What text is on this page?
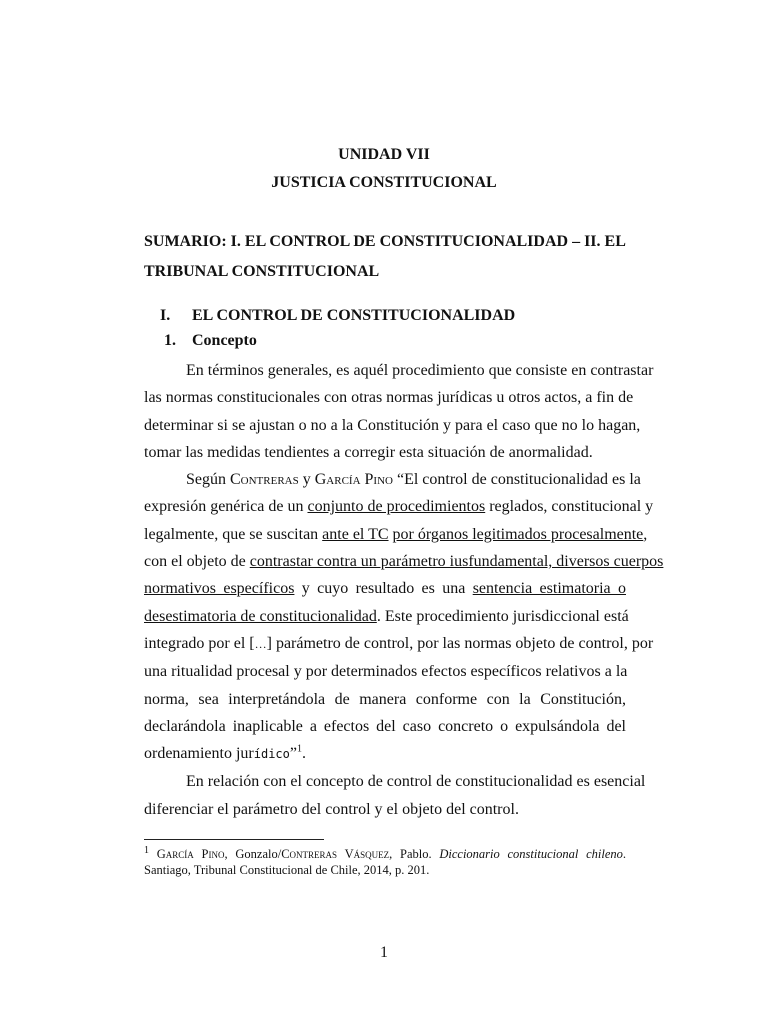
UNIDAD VII
JUSTICIA CONSTITUCIONAL
SUMARIO: I. EL CONTROL DE CONSTITUCIONALIDAD – II. EL
TRIBUNAL CONSTITUCIONAL
I. EL CONTROL DE CONSTITUCIONALIDAD
1. Concepto

En términos generales, es aquél procedimiento que consiste en contrastar
las normas constitucionales con otras normas jurídicas u otros actos, a fin de
determinar si se ajustan o no a la Constitución y para el caso que no lo hagan,
tomar las medidas tendientes a corregir esta situación de anormalidad.

Según Contreras y García Pino “El control de constitucionalidad es la
expresión genérica de un conjunto de procedimientos reglados, constitucional y
legalmente, que se suscitan ante el TC por órganos legitimados procesalmente,
con el objeto de contrastar contra un parámetro iusfundamental, diversos cuerpos
normativos específicos y cuyo resultado es una sentencia estimatoria o
desestimatoria de constitucionalidad. Este procedimiento jurisdiccional está
integrado por el […] parámetro de control, por las normas objeto de control, por
una ritualidad procesal y por determinados efectos específicos relativos a la
norma, sea interpretándola de manera conforme con la Constitución,
declarándola inaplicable a efectos del caso concreto o expulsándola del
ordenamiento jurídico”$^1$.

En relación con el concepto de control de constitucionalidad es esencial
diferenciar el parámetro del control y el objeto del control.

$^1$ García Pino, Gonzalo/Contreras Vásquez, Pablo. Diccionario constitucional chileno.
Santiago, Tribunal Constitucional de Chile, 2014, p. 201.
1
